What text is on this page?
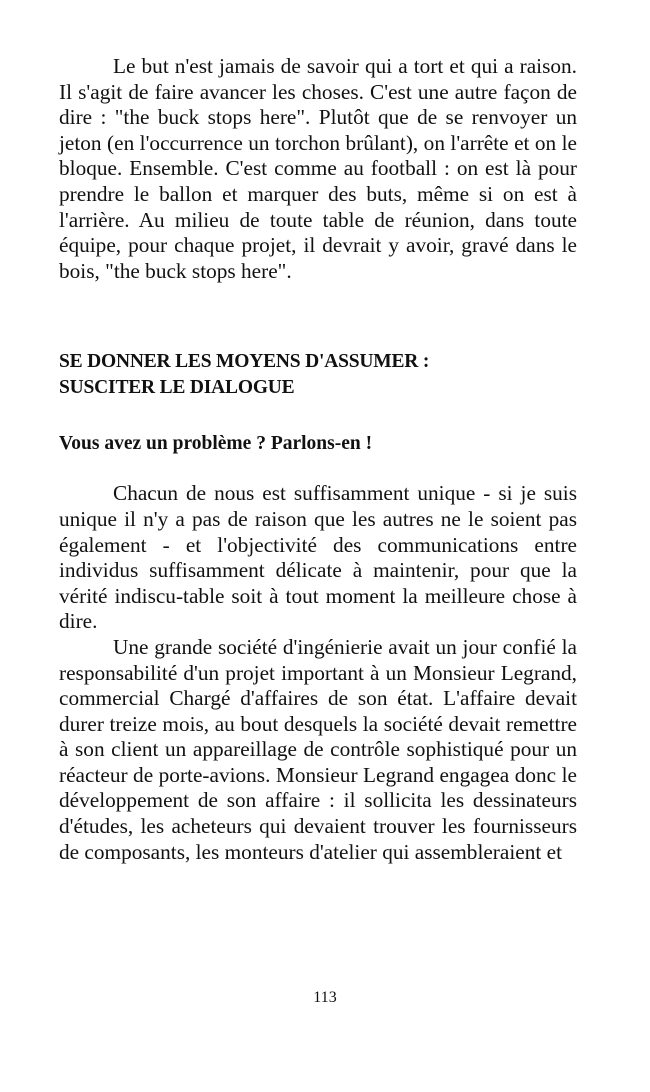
Le but n'est jamais de savoir qui a tort et qui a raison. Il s'agit de faire avancer les choses. C'est une autre façon de dire : "the buck stops here". Plutôt que de se renvoyer un jeton (en l'occurrence un torchon brûlant), on l'arrête et on le bloque. Ensemble. C'est comme au football : on est là pour prendre le ballon et marquer des buts, même si on est à l'arrière. Au milieu de toute table de réunion, dans toute équipe, pour chaque projet, il devrait y avoir, gravé dans le bois, "the buck stops here".

SE DONNER LES MOYENS D'ASSUMER :

SUSCITER LE DIALOGUE

Vous avez un problème ? Parlons-en !

Chacun de nous est suffisamment unique - si je suis unique il n'y a pas de raison que les autres ne le soient pas également - et l'objectivité des communications entre individus suffisamment délicate à maintenir, pour que la vérité indiscu-table soit à tout moment la meilleure chose à dire.

Une grande société d'ingénierie avait un jour confié la responsabilité d'un projet important à un Monsieur Legrand, commercial Chargé d'affaires de son état. L'affaire devait durer treize mois, au bout desquels la société devait remettre à son client un appareillage de contrôle sophistiqué pour un réacteur de porte-avions. Monsieur Legrand engagea donc le développement de son affaire : il sollicita les dessinateurs d'études, les acheteurs qui devaient trouver les fournisseurs de composants, les monteurs d'atelier qui assembleraient et

113
